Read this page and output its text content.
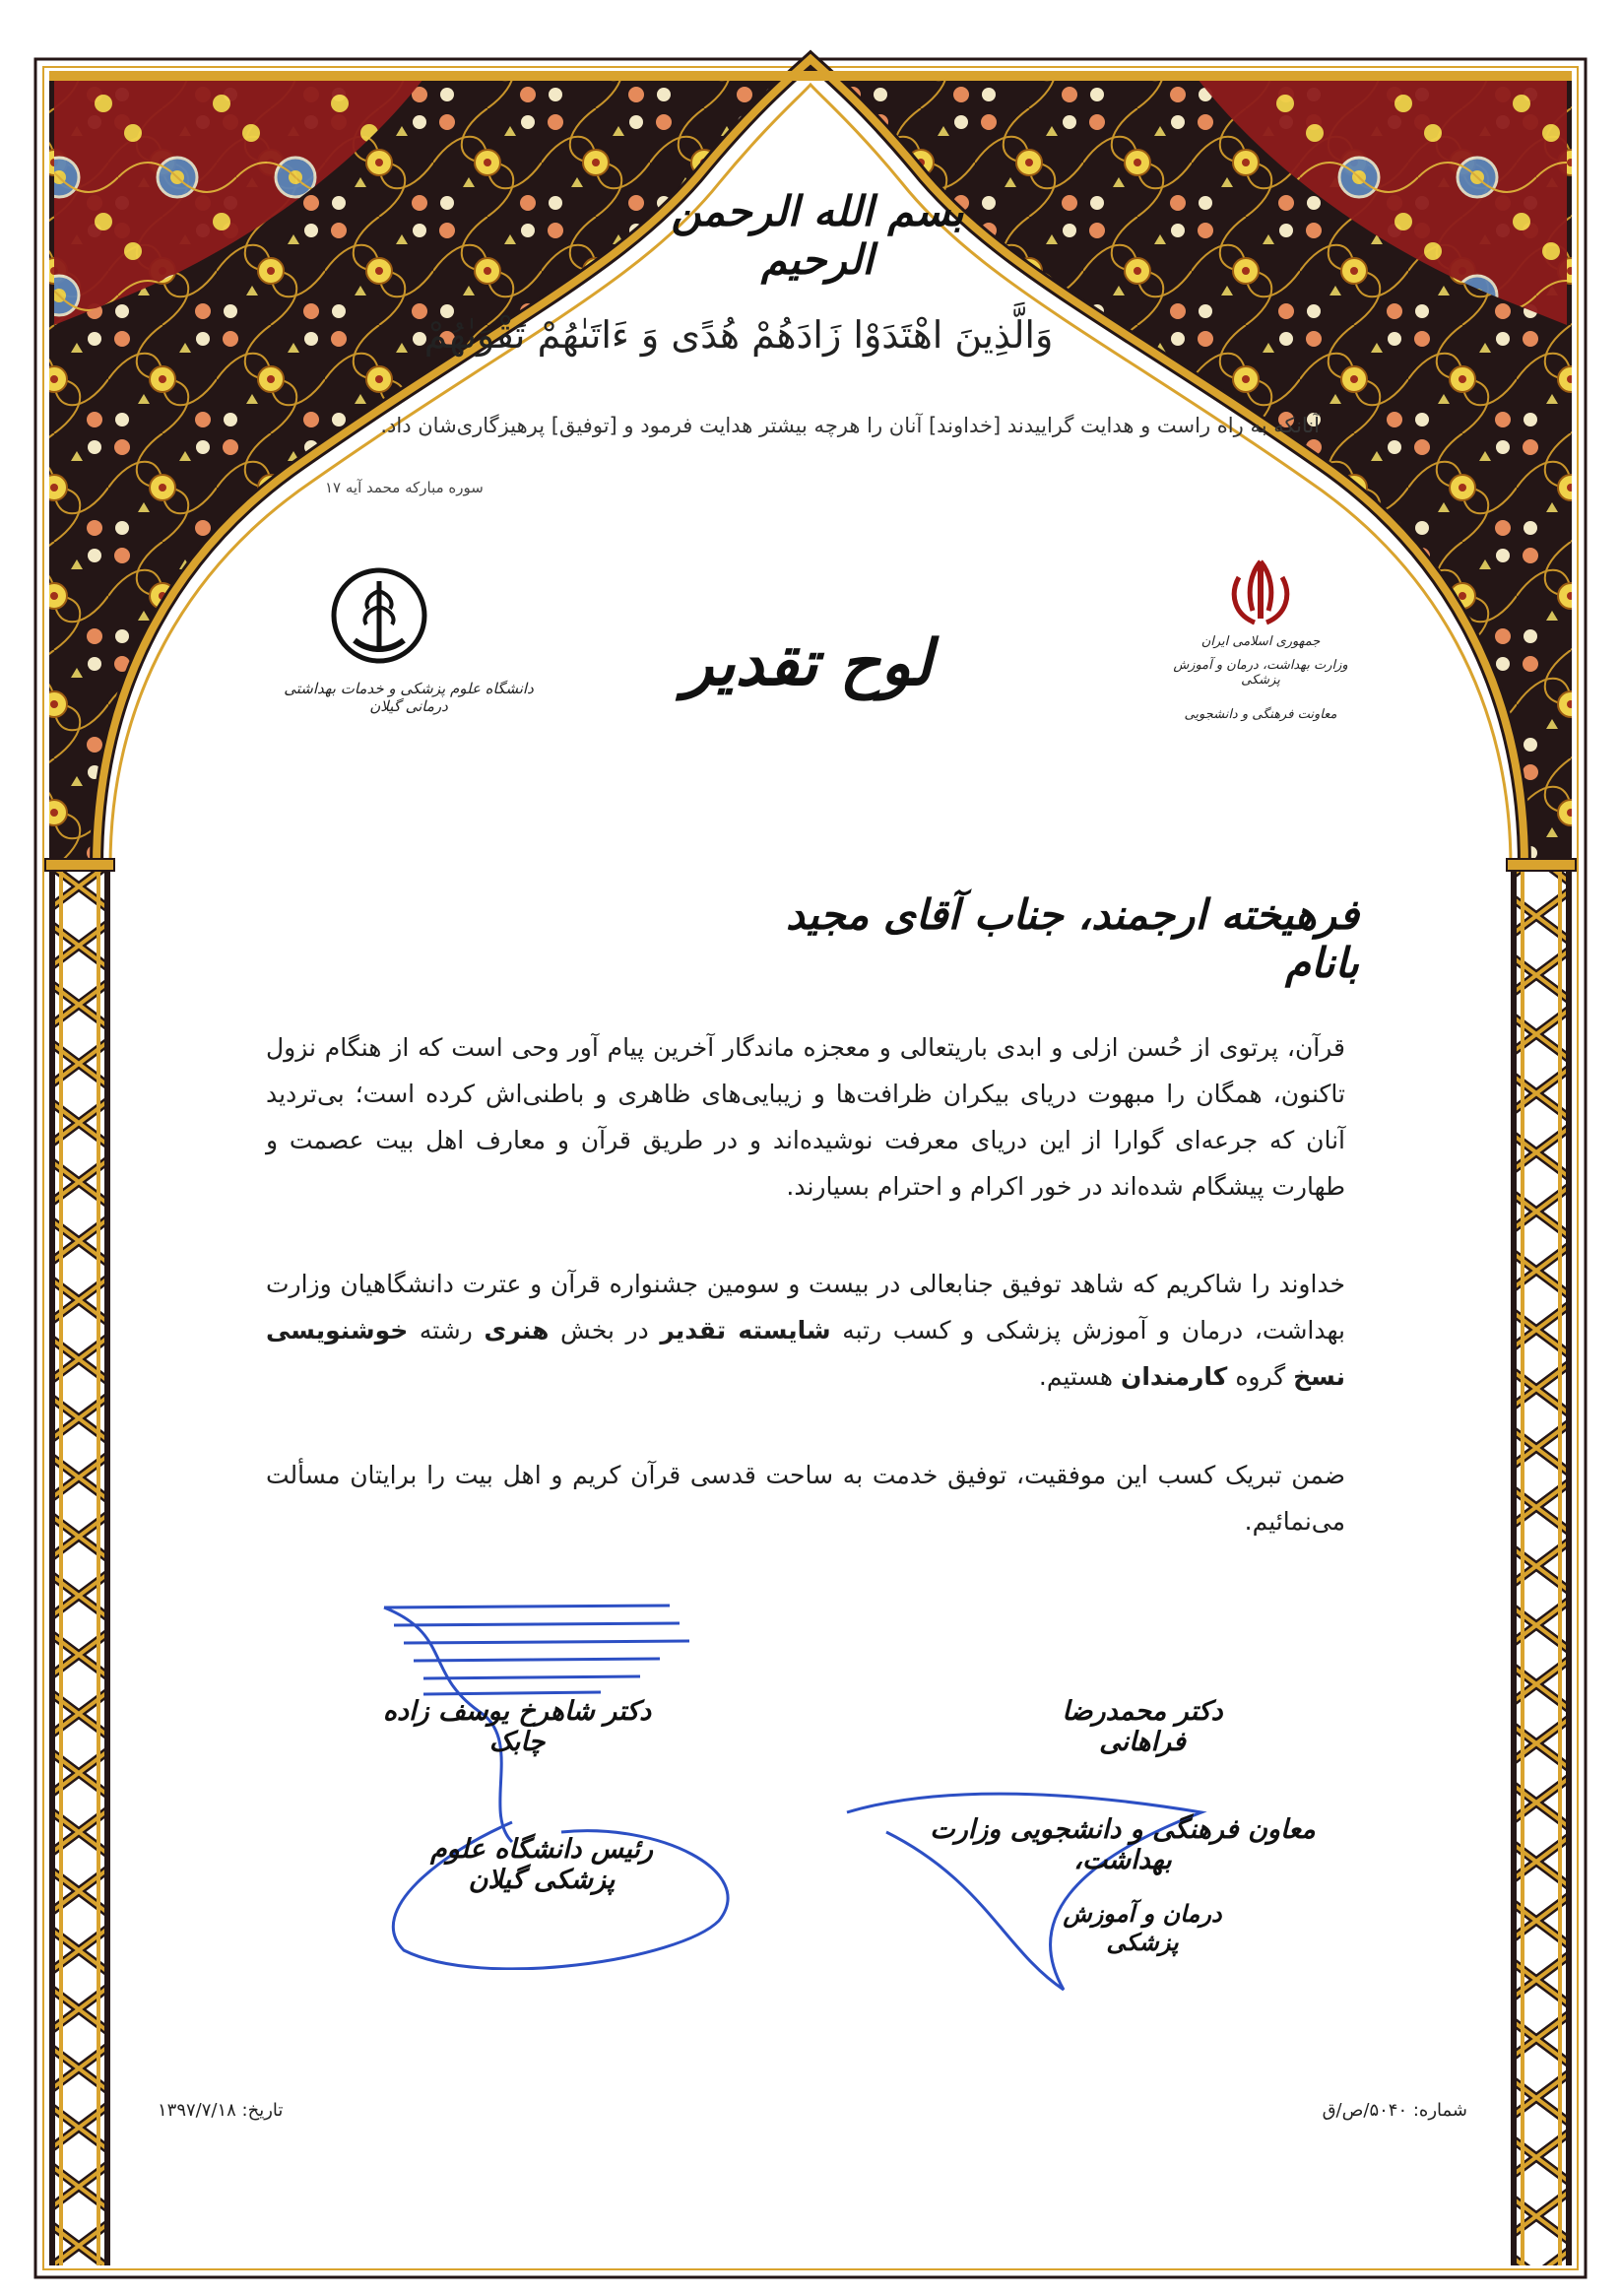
بسم الله الرحمن الرحیم
وَالَّذِینَ اهْتَدَوْا زَادَهُمْ هُدًى وَ ءَاتَىٰهُمْ تَقْوَىٰهُمْ
آنانکه به راه راست و هدایت گراییدند [خداوند] آنان را هرچه بیشتر هدایت فرمود و [توفیق] پرهیزگاری‌شان داد.
سوره مبارکه محمد آیه ۱۷
جمهوری اسلامی ایران
وزارت بهداشت، درمان و آموزش پزشکی
معاونت فرهنگی و دانشجویی
دانشگاه علوم پزشکی و خدمات بهداشتی درمانی گیلان
لوح تقدیر
فرهیخته ارجمند، جناب آقای مجید بانام
قرآن، پرتوی از حُسن ازلی و ابدی باریتعالی و معجزه ماندگار آخرین پیام آور وحی است که از هنگام نزول تاکنون، همگان را مبهوت دریای بیکران ظرافت‌ها و زیبایی‌های ظاهری و باطنی‌اش کرده است؛ بی‌تردید آنان که جرعه‌ای گوارا از این دریای معرفت نوشیده‌اند و در طریق قرآن و معارف اهل بیت عصمت و طهارت پیشگام شده‌اند در خور اکرام و احترام بسیارند.
خداوند را شاکریم که شاهد توفیق جنابعالی در بیست و سومین جشنواره قرآن و عترت دانشگاهیان وزارت بهداشت، درمان و آموزش پزشکی و کسب رتبه شایسته تقدیر در بخش هنری رشته خوشنویسی نسخ گروه کارمندان هستیم.
ضمن تبریک کسب این موفقیت، توفیق خدمت به ساحت قدسی قرآن کریم و اهل بیت را برایتان مسألت می‌نمائیم.
دکتر شاهرخ یوسف زاده چابک
رئیس دانشگاه علوم پزشکی گیلان
دکتر محمدرضا فراهانی
معاون فرهنگی و دانشجویی وزارت بهداشت،
درمان و آموزش پزشکی
تاریخ: ۱۳۹۷/۷/۱۸	شماره: ۵۰۴۰/ص/ق
